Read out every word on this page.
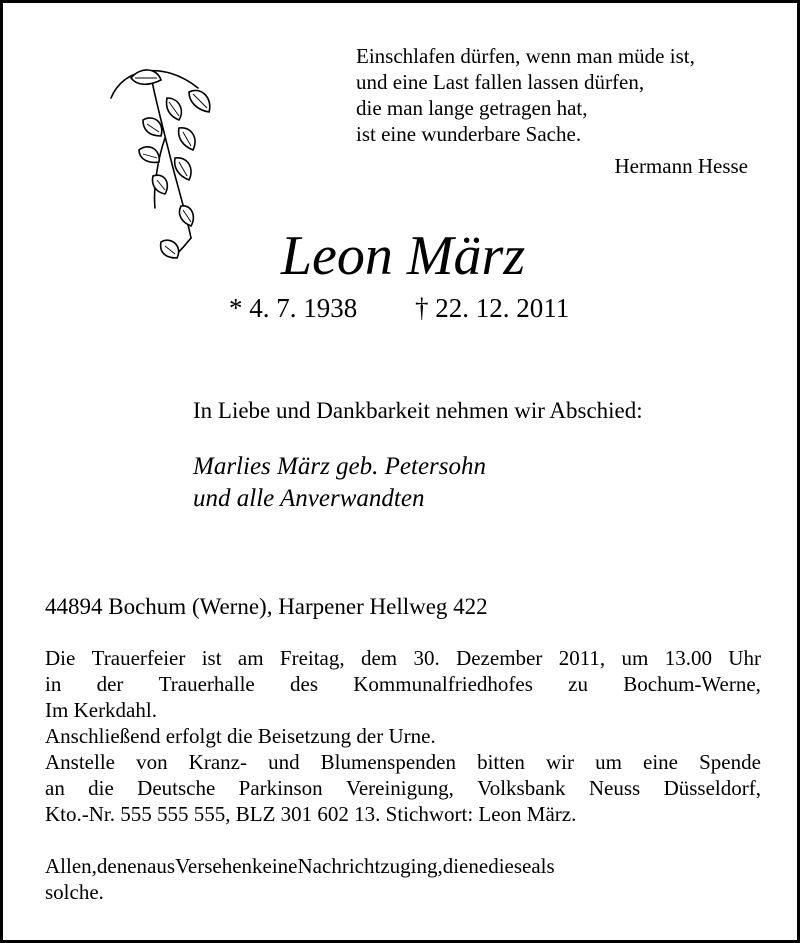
Einschlafen dürfen, wenn man müde ist,
und eine Last fallen lassen dürfen,
die man lange getragen hat,
ist eine wunderbare Sache.
Hermann Hesse
Leon März
* 4. 7. 1938 † 22. 12. 2011
In Liebe und Dankbarkeit nehmen wir Abschied:
Marlies März geb. Petersohn
und alle Anverwandten
44894 Bochum (Werne), Harpener Hellweg 422
Die Trauerfeier ist am Freitag, dem 30. Dezember 2011, um 13.00 Uhr
in der Trauerhalle des Kommunalfriedhofes zu Bochum-Werne,
Im Kerkdahl.
Anschließend erfolgt die Beisetzung der Urne.
Anstelle von Kranz- und Blumenspenden bitten wir um eine Spende
an die Deutsche Parkinson Vereinigung, Volksbank Neuss Düsseldorf,
Kto.-Nr. 555 555 555, BLZ 301 602 13. Stichwort: Leon März.
Allen,denenausVersehenkeineNachrichtzuging,dienedieseals
solche.
